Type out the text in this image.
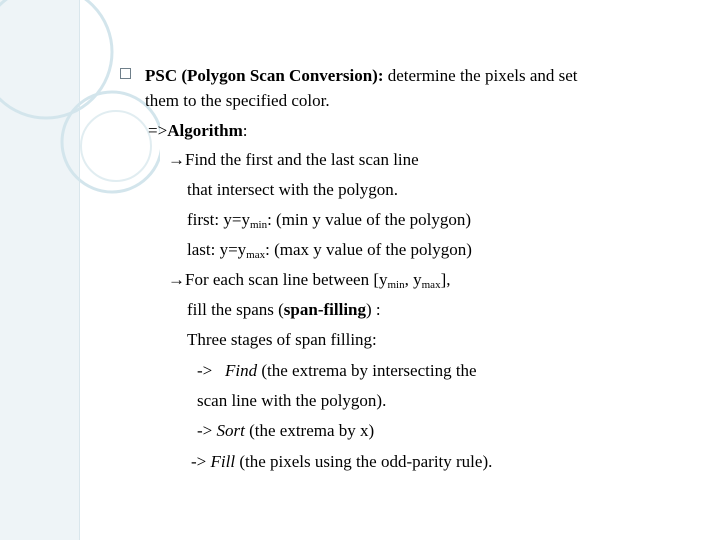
PSC (Polygon Scan Conversion): determine the pixels and set
them to the specified color.
=>Algorithm:
→Find the first and the last scan line
that intersect with the polygon.
first: $y=y_{min}$: (min y value of the polygon)
last: $y=y_{max}$: (max y value of the polygon)
→For each scan line between [$y_{min}$, $y_{max}$],
fill the spans (span-filling) :
Three stages of span filling:
-> Find (the extrema by intersecting the
scan line with the polygon).
-> Sort (the extrema by x)
-> Fill (the pixels using the odd-parity rule).
